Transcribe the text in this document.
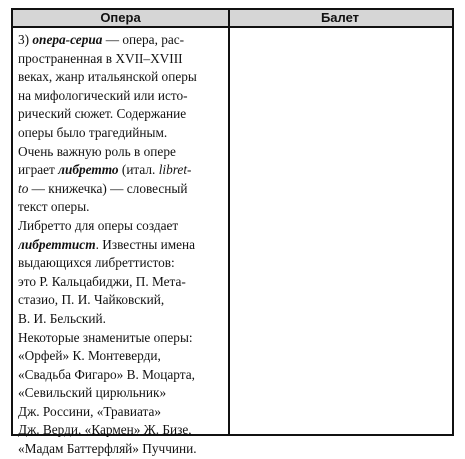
Опера	Балет
3) опера-сериа — опера, рас-
пространенная в XVII–XVIII
веках, жанр итальянской оперы
на мифологический или исто-
рический сюжет. Содержание
оперы было трагедийным.
Очень важную роль в опере
играет либретто (итал. libret-
to — книжечка) — словесный
текст оперы.
Либретто для оперы создает
либреттист. Известны имена
выдающихся либреттистов:
это Р. Кальцабиджи, П. Мета-
стазио, П. И. Чайковский,
В. И. Бельский.
Некоторые знаменитые оперы:
«Орфей» К. Монтеверди,
«Свадьба Фигаро» В. Моцарта,
«Севильский цирюльник»
Дж. Россини, «Травиата»
Дж. Верди, «Кармен» Ж. Бизе,
«Мадам Баттерфляй» Пуччини.
